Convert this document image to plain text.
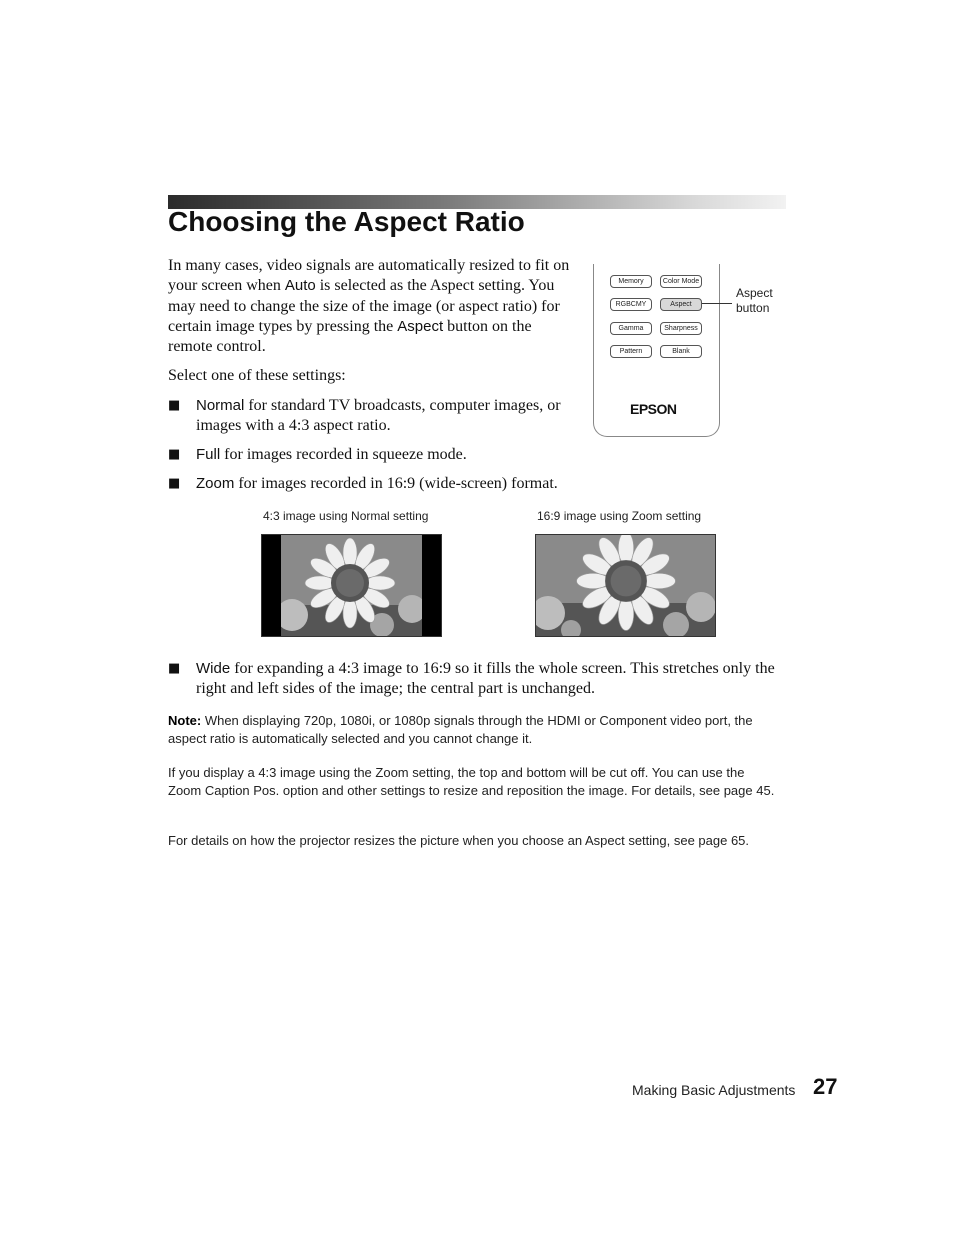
Choosing the Aspect Ratio
In many cases, video signals are automatically resized to fit on your screen when Auto is selected as the Aspect setting. You may need to change the size of the image (or aspect ratio) for certain image types by pressing the Aspect button on the remote control.
Select one of these settings:
■ Normal for standard TV broadcasts, computer images, or images with a 4:3 aspect ratio.
■ Full for images recorded in squeeze mode.
■ Zoom for images recorded in 16:9 (wide-screen) format.
Memory	Color Mode
RGBCMY	Aspect
Gamma	Sharpness
Pattern	Blank
EPSON
Aspect button
4:3 image using Normal setting	16:9 image using Zoom setting
■ Wide for expanding a 4:3 image to 16:9 so it fills the whole screen. This stretches only the right and left sides of the image; the central part is unchanged.
Note: When displaying 720p, 1080i, or 1080p signals through the HDMI or Component video port, the aspect ratio is automatically selected and you cannot change it.
If you display a 4:3 image using the Zoom setting, the top and bottom will be cut off. You can use the Zoom Caption Pos. option and other settings to resize and reposition the image. For details, see page 45.
For details on how the projector resizes the picture when you choose an Aspect setting, see page 65.
Making Basic Adjustments 27
